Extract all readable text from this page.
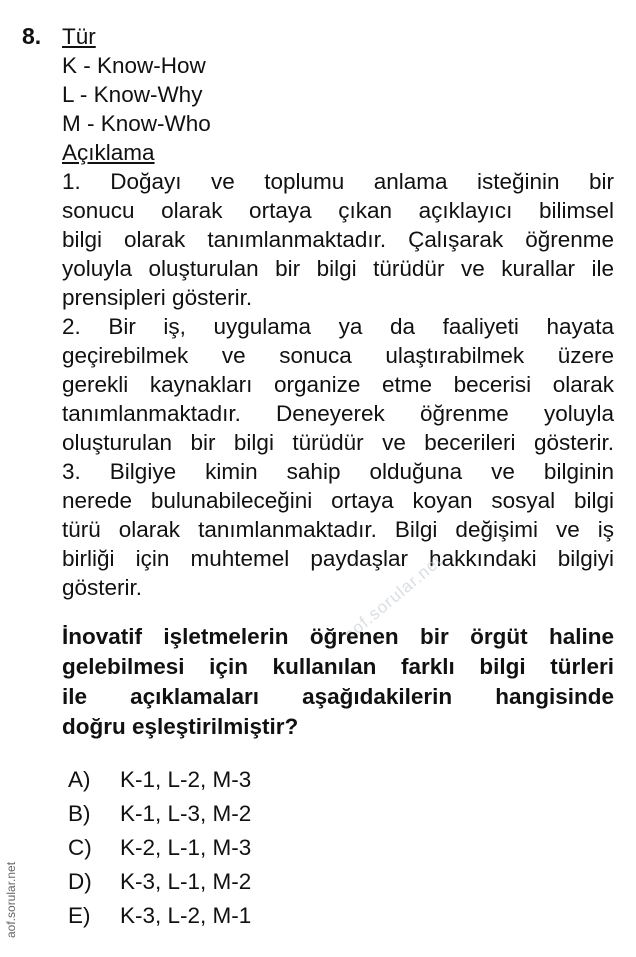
8. Tür
K - Know-How
L - Know-Why
M - Know-Who
Açıklama
1. Doğayı ve toplumu anlama isteğinin bir
sonucu olarak ortaya çıkan açıklayıcı bilimsel
bilgi olarak tanımlanmaktadır. Çalışarak öğrenme
yoluyla oluşturulan bir bilgi türüdür ve kurallar ile
prensipleri gösterir.
2. Bir iş, uygulama ya da faaliyeti hayata
geçirebilmek ve sonuca ulaştırabilmek üzere
gerekli kaynakları organize etme becerisi olarak
tanımlanmaktadır. Deneyerek öğrenme yoluyla
oluşturulan bir bilgi türüdür ve becerileri gösterir.
3. Bilgiye kimin sahip olduğuna ve bilginin
nerede bulunabileceğini ortaya koyan sosyal bilgi
türü olarak tanımlanmaktadır. Bilgi değişimi ve iş
birliği için muhtemel paydaşlar hakkındaki bilgiyi
gösterir.	aof.sorular.net
İnovatif işletmelerin öğrenen bir örgüt haline
gelebilmesi için kullanılan farklı bilgi türleri
ile açıklamaları aşağıdakilerin hangisinde
doğru eşleştirilmiştir?
A)	K-1, L-2, M-3
B)	K-1, L-3, M-2
C)	K-2, L-1, M-3
D)	K-3, L-1, M-2
E)	K-3, L-2, M-1
aof.sorular.net
